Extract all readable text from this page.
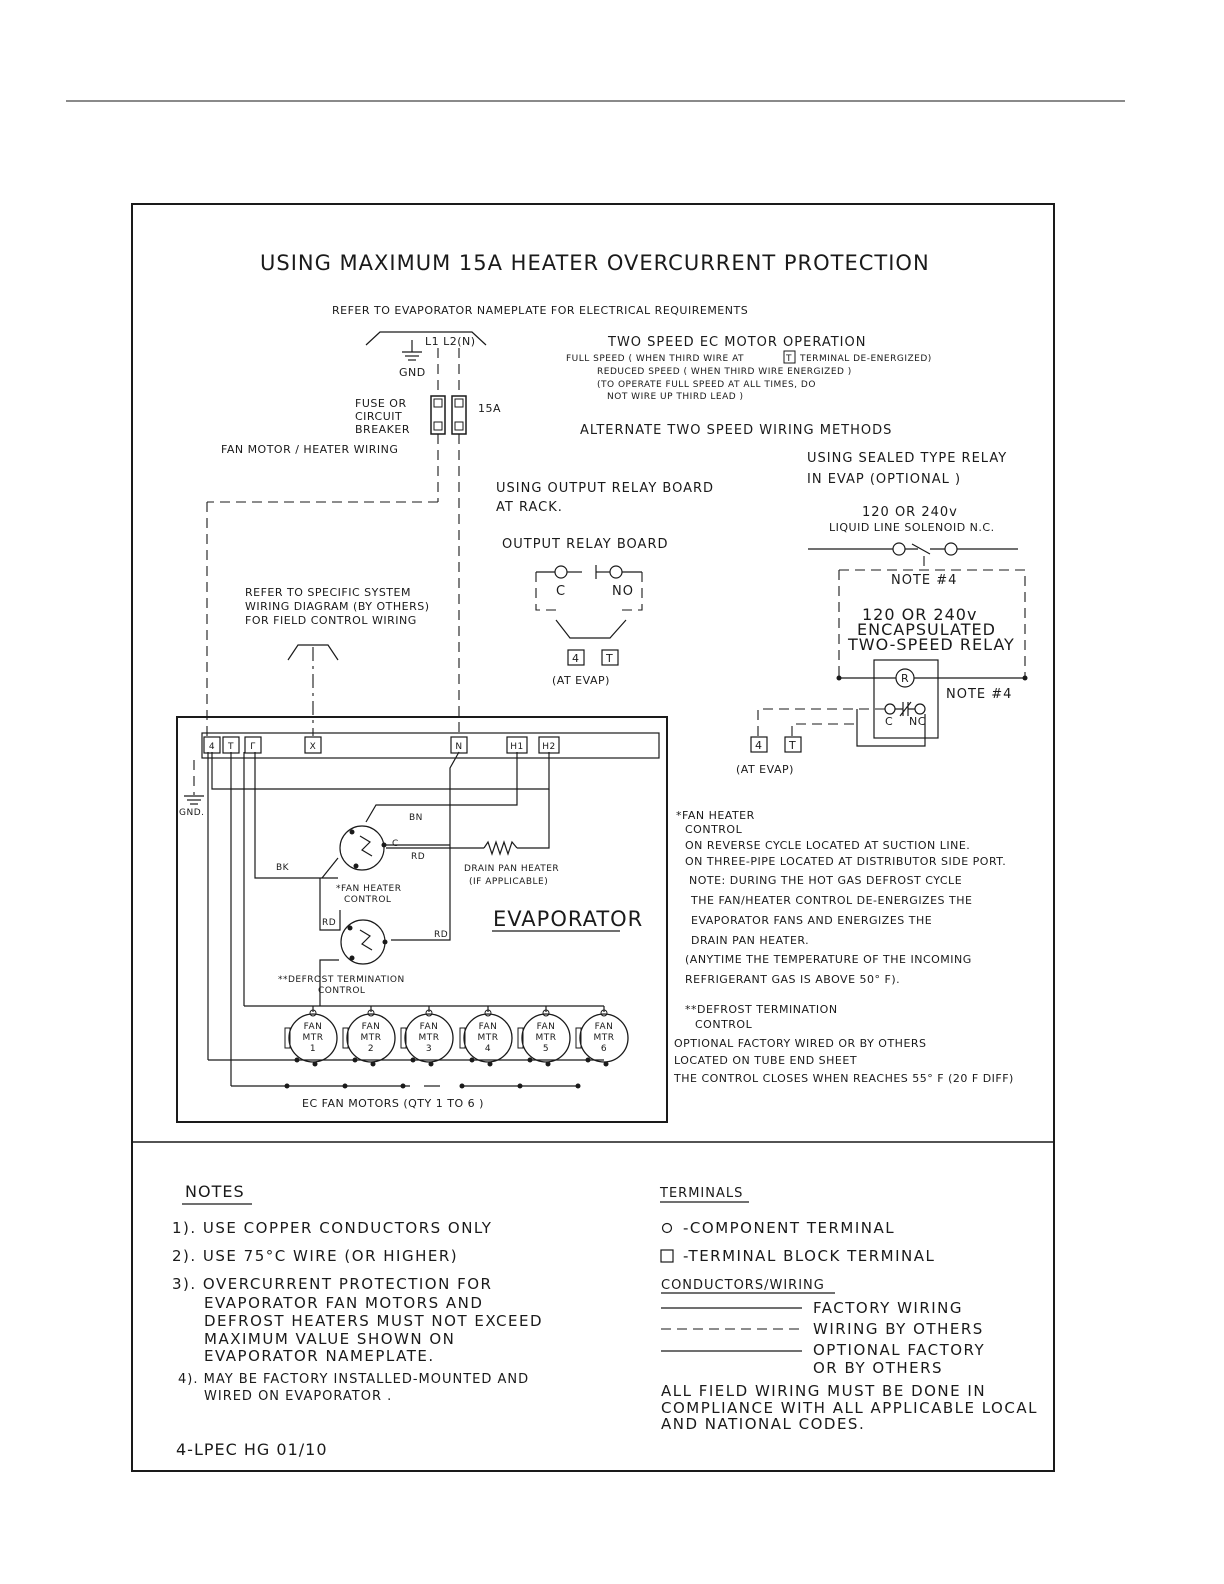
USING MAXIMUM 15A HEATER OVERCURRENT PROTECTION
REFER TO EVAPORATOR NAMEPLATE FOR ELECTRICAL REQUIREMENTS
L1 L2(N)
GND
FUSE OR
CIRCUIT
BREAKER
15A
FAN MOTOR / HEATER WIRING
TWO SPEED EC MOTOR OPERATION
FULL SPEED ( WHEN THIRD WIRE AT	T TERMINAL DE-ENERGIZED)
REDUCED SPEED ( WHEN THIRD WIRE ENERGIZED )
(TO OPERATE FULL SPEED AT ALL TIMES, DO
NOT WIRE UP THIRD LEAD )
ALTERNATE TWO SPEED WIRING METHODS
USING OUTPUT RELAY BOARD
AT RACK.
OUTPUT RELAY BOARD
C	NO
4 T
(AT EVAP)
USING SEALED TYPE RELAY
IN EVAP (OPTIONAL )
120 OR 240v
LIQUID LINE SOLENOID N.C.
NOTE #4
120 OR 240v
ENCAPSULATED
TWO-SPEED RELAY
R
NOTE #4
C NC
4 T
(AT EVAP)
REFER TO SPECIFIC SYSTEM
WIRING DIAGRAM (BY OTHERS)
FOR FIELD CONTROL WIRING
4 T Γ	X	N	H1 H2
GND.	BN
C
RD
BK
*FAN HEATER
CONTROL
DRAIN PAN HEATER
(IF APPLICABLE)
EVAPORATOR
RD
RD
**DEFROST TERMINATION
CONTROL
FAN
MTR
1
FAN
MTR
2
FAN
MTR
3
FAN
MTR
4
FAN
MTR
5
FAN
MTR
6
EC FAN MOTORS (QTY 1 TO 6 )
*FAN HEATER
CONTROL
ON REVERSE CYCLE LOCATED AT SUCTION LINE.
ON THREE-PIPE LOCATED AT DISTRIBUTOR SIDE PORT.
NOTE: DURING THE HOT GAS DEFROST CYCLE
THE FAN/HEATER CONTROL DE-ENERGIZES THE
EVAPORATOR FANS AND ENERGIZES THE
DRAIN PAN HEATER.
(ANYTIME THE TEMPERATURE OF THE INCOMING
REFRIGERANT GAS IS ABOVE 50° F).
**DEFROST TERMINATION
CONTROL
OPTIONAL FACTORY WIRED OR BY OTHERS
LOCATED ON TUBE END SHEET
THE CONTROL CLOSES WHEN REACHES 55° F (20 F DIFF)
NOTES
1). USE COPPER CONDUCTORS ONLY
2). USE 75°C WIRE (OR HIGHER)
3). OVERCURRENT PROTECTION FOR
EVAPORATOR FAN MOTORS AND
DEFROST HEATERS MUST NOT EXCEED
MAXIMUM VALUE SHOWN ON
EVAPORATOR NAMEPLATE.
4). MAY BE FACTORY INSTALLED-MOUNTED AND
WIRED ON EVAPORATOR .
4-LPEC HG 01/10
TERMINALS
-COMPONENT TERMINAL
-TERMINAL BLOCK TERMINAL
CONDUCTORS/WIRING
FACTORY WIRING
WIRING BY OTHERS
OPTIONAL FACTORY
OR BY OTHERS
ALL FIELD WIRING MUST BE DONE IN
COMPLIANCE WITH ALL APPLICABLE LOCAL
AND NATIONAL CODES.
